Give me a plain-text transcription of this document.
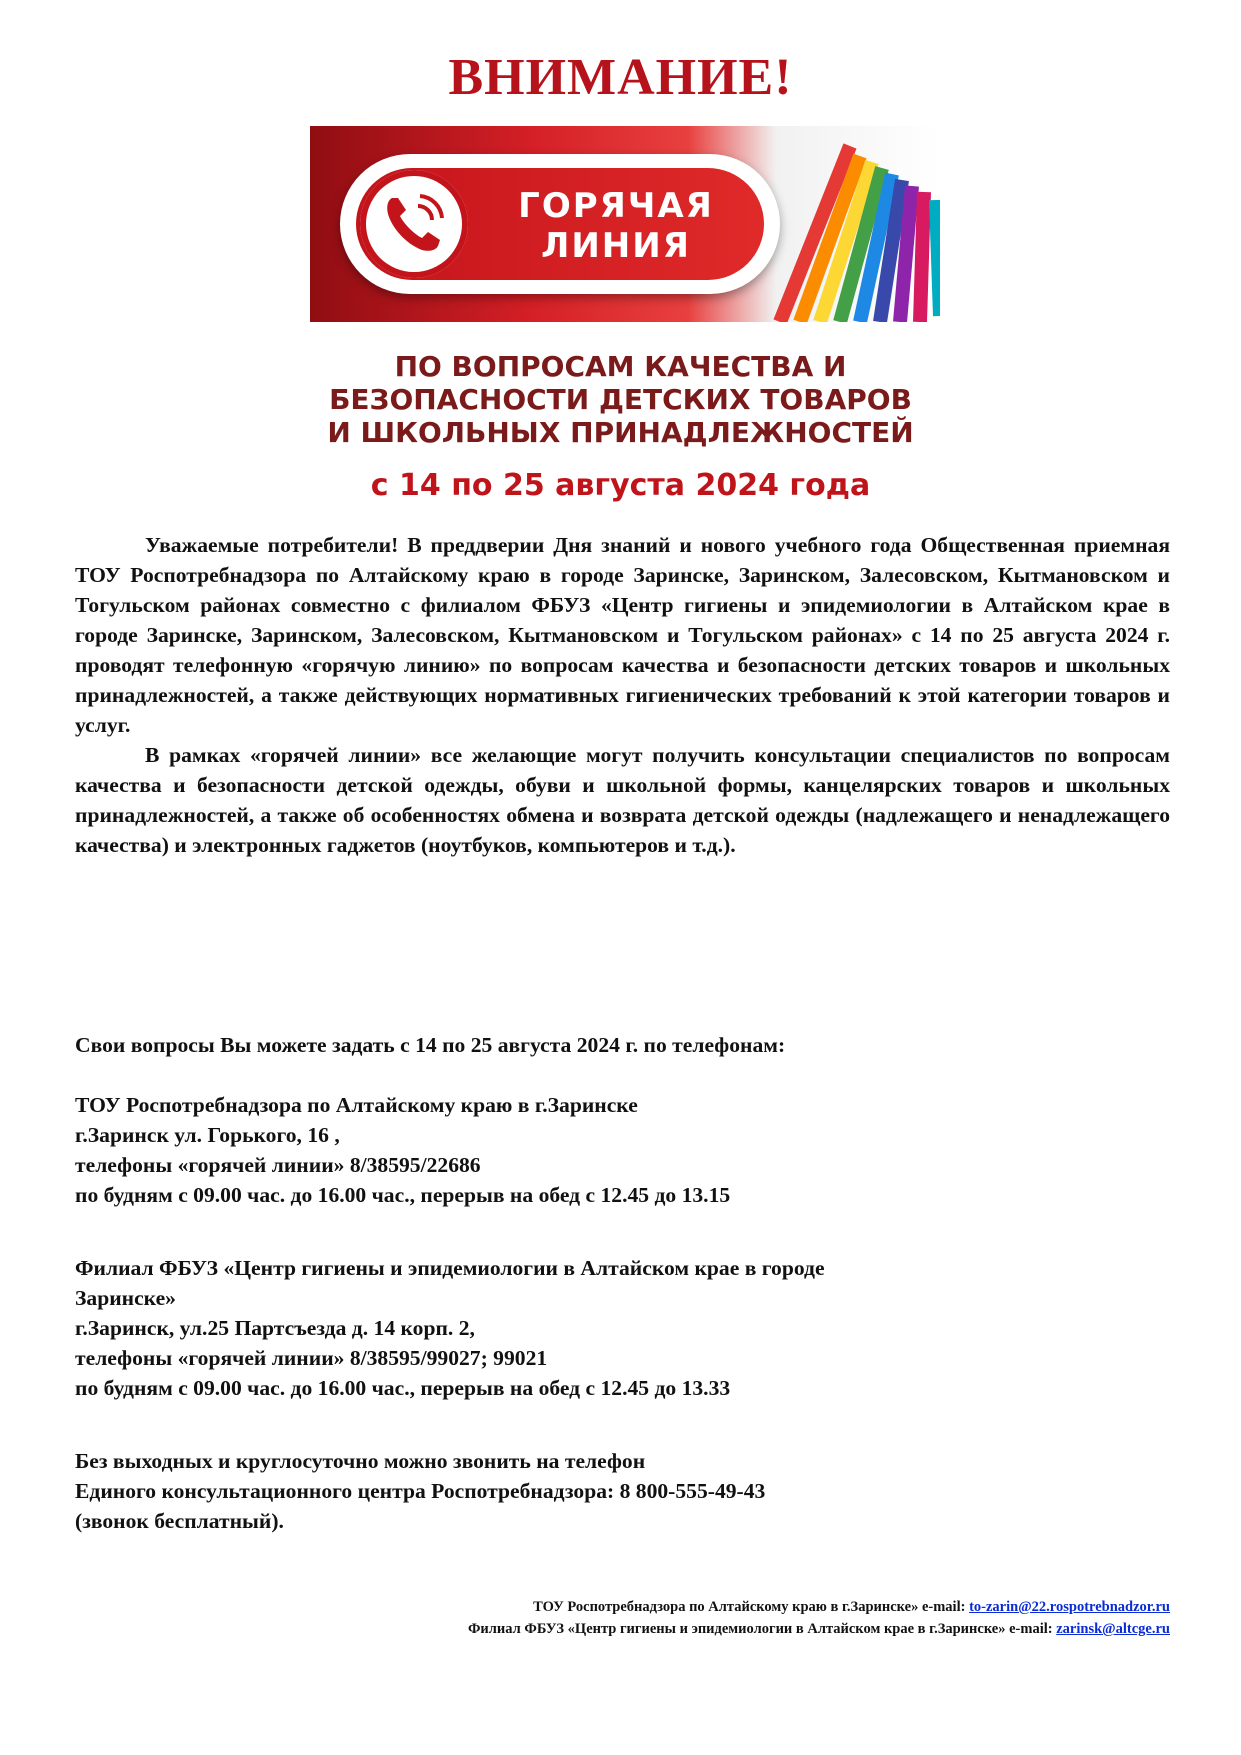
ВНИМАНИЕ!
ГОРЯЧАЯ
ЛИНИЯ
ПО ВОПРОСАМ КАЧЕСТВА И
БЕЗОПАСНОСТИ ДЕТСКИХ ТОВАРОВ
И ШКОЛЬНЫХ ПРИНАДЛЕЖНОСТЕЙ
с 14 по 25 августа 2024 года

Уважаемые потребители! В преддверии Дня знаний и нового учебного года Общественная приемная ТОУ Роспотребнадзора по Алтайскому краю в городе Заринске, Заринском, Залесовском, Кытмановском и Тогульском районах совместно с филиалом ФБУЗ «Центр гигиены и эпидемиологии в Алтайском крае в городе Заринске, Заринском, Залесовском, Кытмановском и Тогульском районах» с 14 по 25 августа 2024 г. проводят телефонную «горячую линию» по вопросам качества и безопасности детских товаров и школьных принадлежностей, а также действующих нормативных гигиенических требований к этой категории товаров и услуг.

В рамках «горячей линии» все желающие могут получить консультации специалистов по вопросам качества и безопасности детской одежды, обуви и школьной формы, канцелярских товаров и школьных принадлежностей, а также об особенностях обмена и возврата детской одежды (надлежащего и ненадлежащего качества) и электронных гаджетов (ноутбуков, компьютеров и т.д.).

Свои вопросы Вы можете задать с 14 по 25 августа 2024 г. по телефонам:
ТОУ Роспотребнадзора по Алтайскому краю в г.Заринске
г.Заринск ул. Горького, 16 ,
телефоны «горячей линии» 8/38595/22686
по будням с 09.00 час. до 16.00 час., перерыв на обед с 12.45 до 13.15
Филиал ФБУЗ «Центр гигиены и эпидемиологии в Алтайском крае в городе
Заринске»
г.Заринск, ул.25 Партсъезда д. 14 корп. 2,
телефоны «горячей линии» 8/38595/99027; 99021
по будням с 09.00 час. до 16.00 час., перерыв на обед с 12.45 до 13.33
Без выходных и круглосуточно можно звонить на телефон
Единого консультационного центра Роспотребнадзора: 8 800-555-49-43
(звонок бесплатный).
ТОУ Роспотребнадзора по Алтайскому краю в г.Заринске» e-mail: to-zarin@22.rospotrebnadzor.ru
Филиал ФБУЗ «Центр гигиены и эпидемиологии в Алтайском крае в г.Заринске» e-mail: zarinsk@altcge.ru
